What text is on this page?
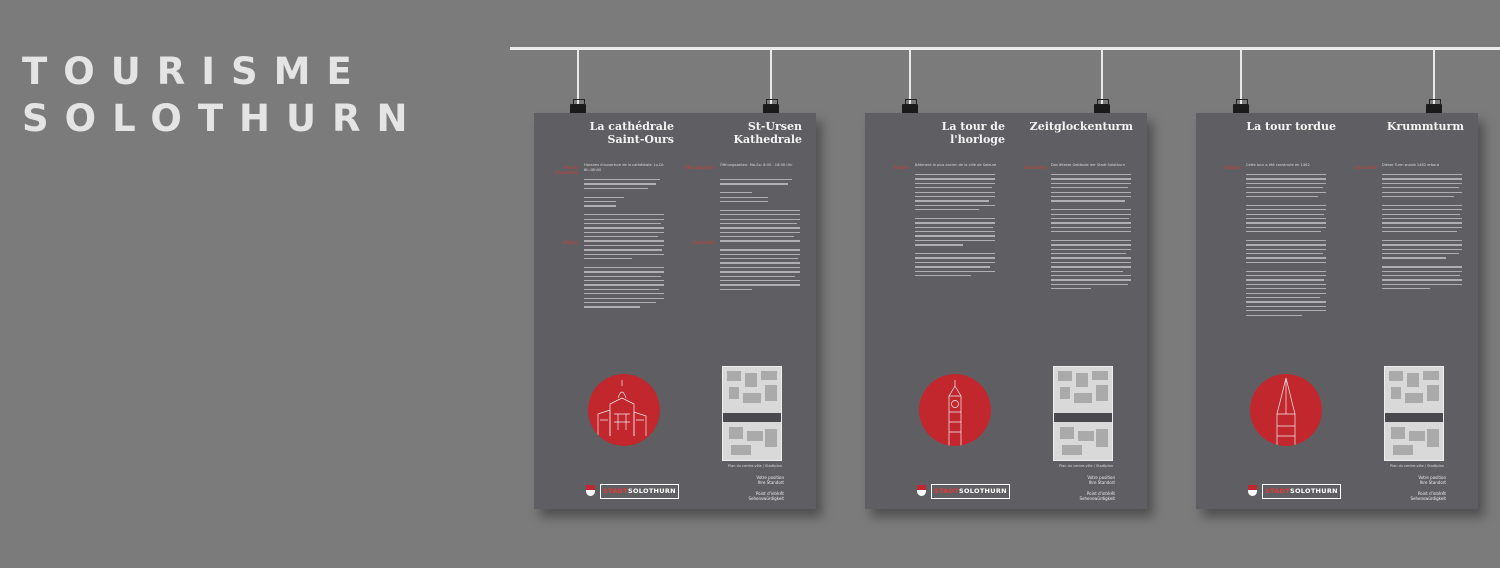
TOURISME
SOLOTHURN	La cathédrale Saint-Ours
St-Ursen Kathedrale
Heures d'ouverture
Histoire
Öffnungszeiten
Geschichte
Horaires d'ouverture de la cathédrale: Lu-Di: 8h-18h00
Öffnungszeiten: Mo-So: 8:00 - 18:00 Uhr
Plan du centre-ville / Stadtplan
Votre position
Ihre Standort
Point d'intérêt
Sehenswürdigkeit
STADTSOLOTHURN
La tour de l'horloge
Zeitglockenturm
Histoire	Geschichte
Bâtiment le plus ancien de la ville de Soleure	Das älteste Gebäude der Stadt Solothurn
Plan du centre-ville / Stadtplan
Votre position
Ihre Standort
Point d'intérêt
Sehenswürdigkeit
STADTSOLOTHURN
La tour tordue	Krummturm
Histoire	Geschichte
Cette tour a été construite en 1462	Dieser Turm wurde 1462 erbaut
Plan du centre-ville / Stadtplan
Votre position
Ihre Standort
Point d'intérêt
Sehenswürdigkeit
STADTSOLOTHURN
